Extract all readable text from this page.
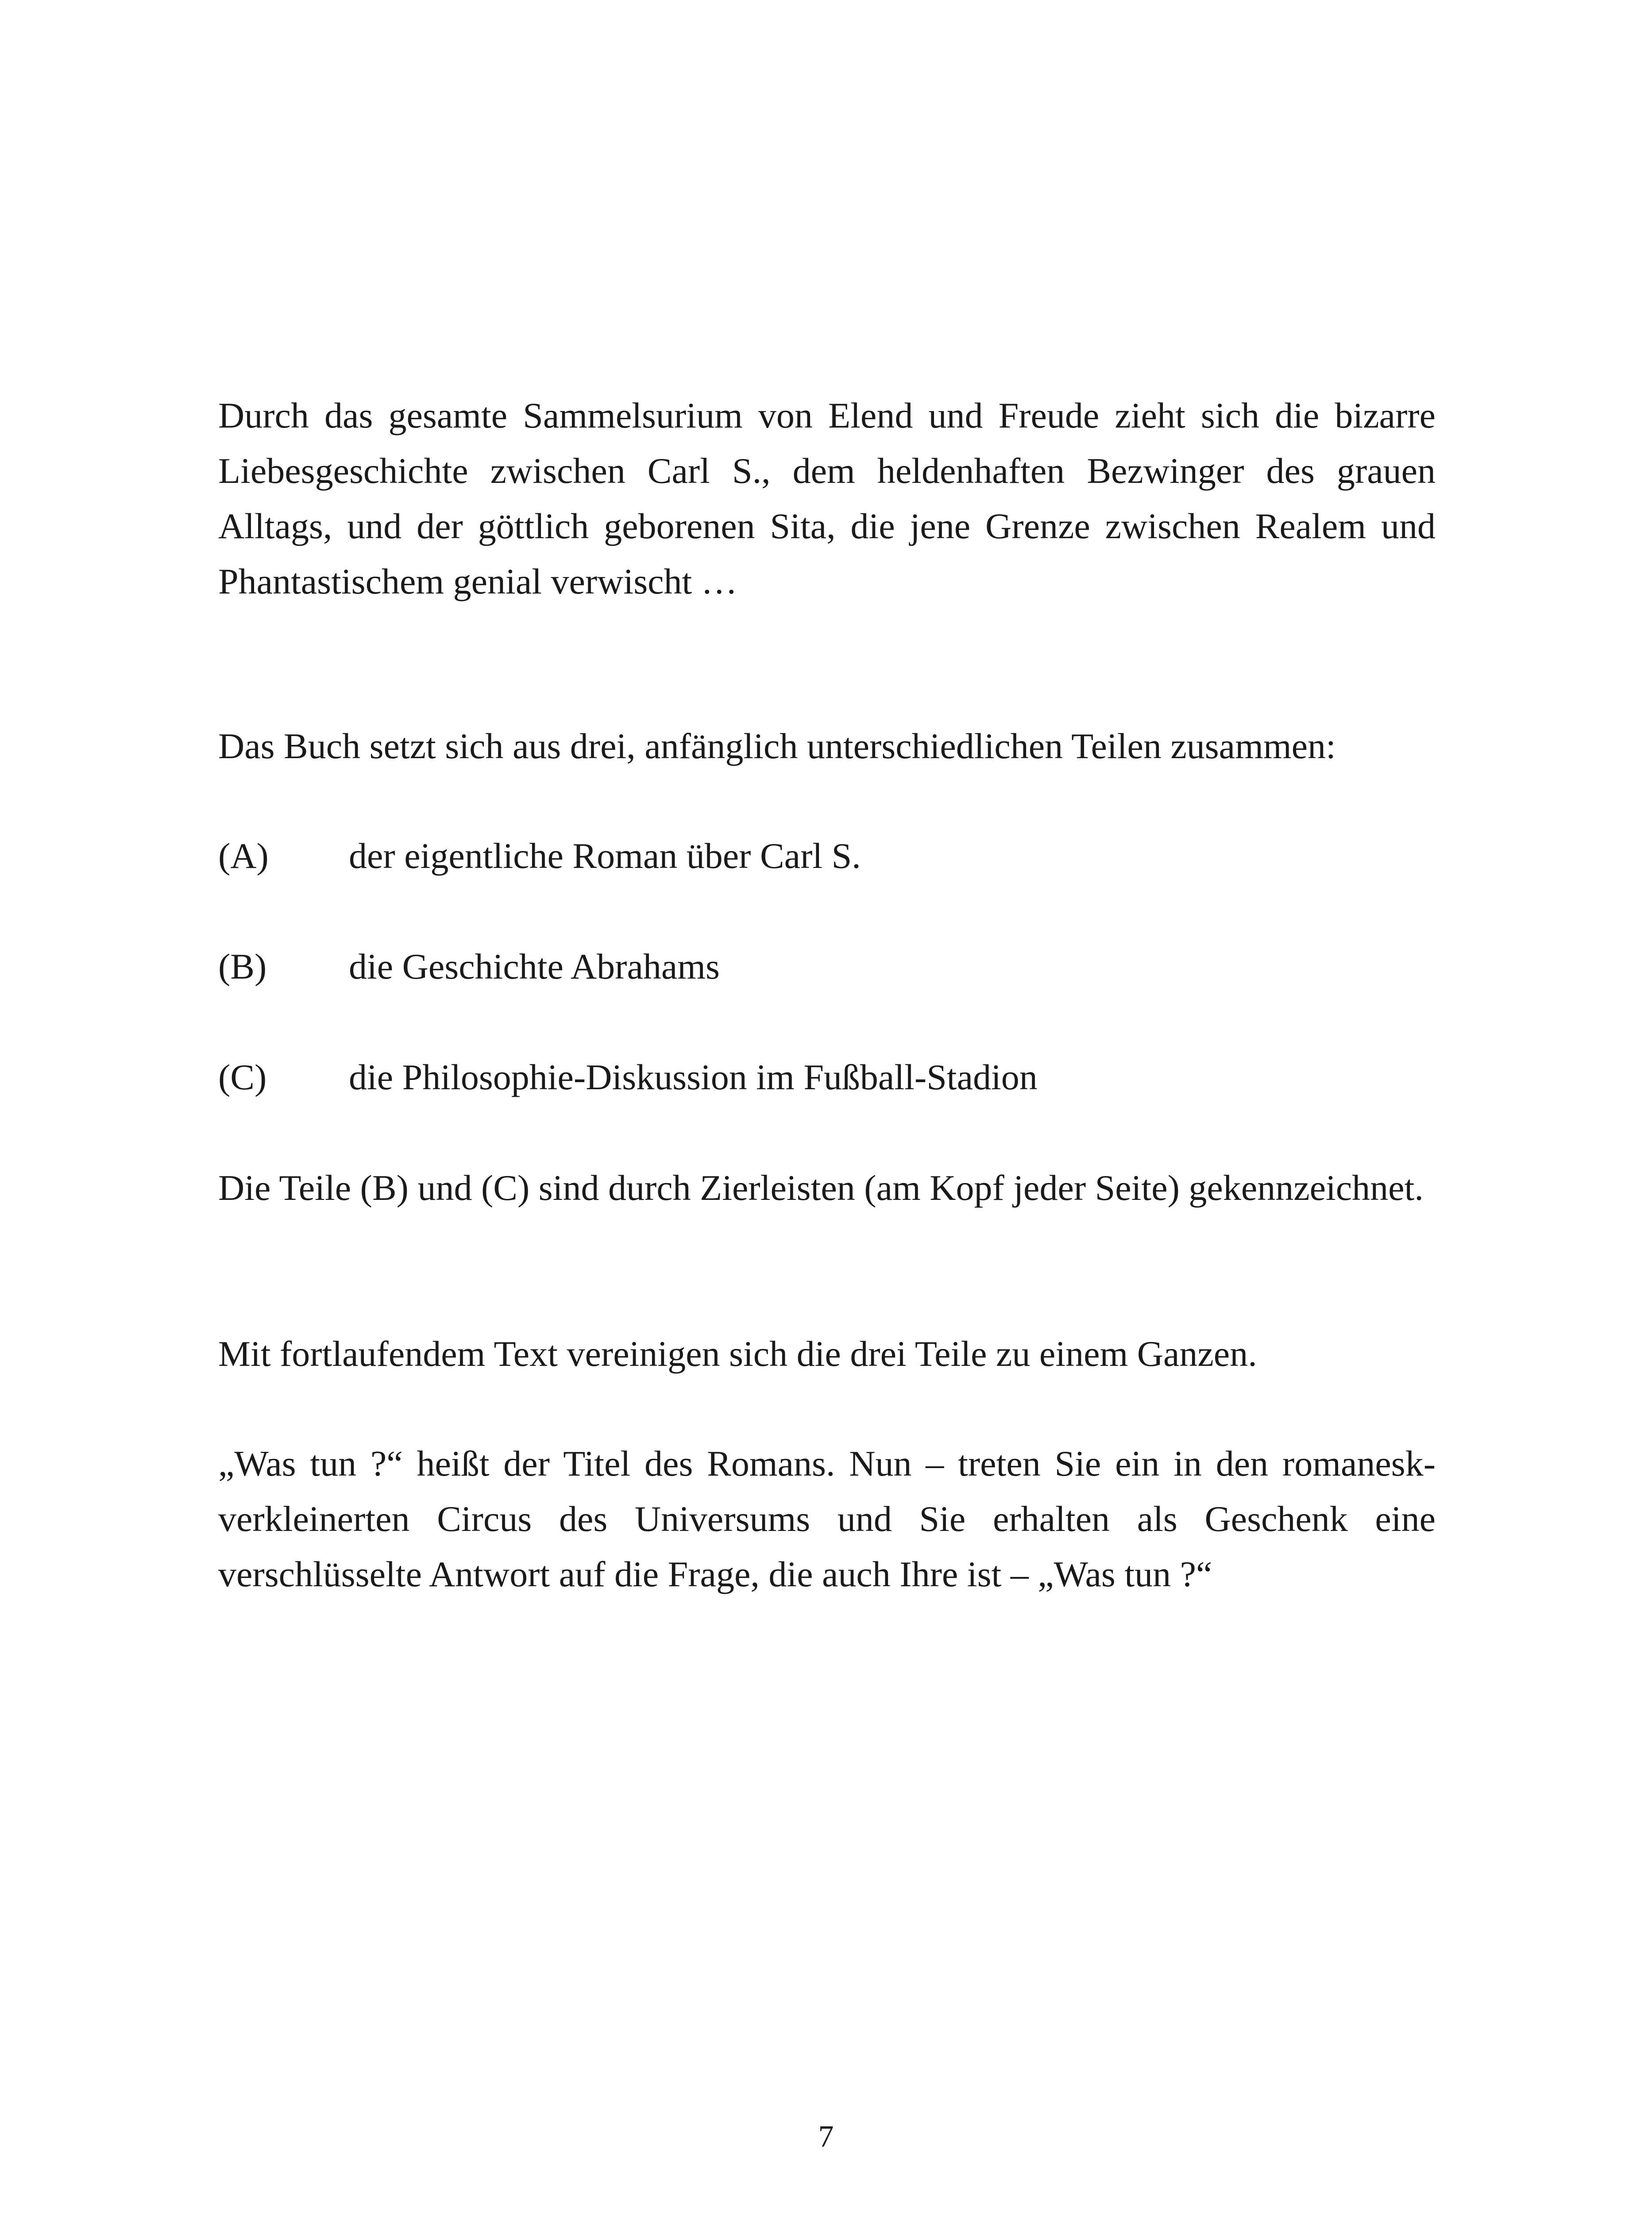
Durch das gesamte Sammelsurium von Elend und Freude zieht sich die bizarre Liebesgeschichte zwischen Carl S., dem heldenhaften Bezwinger des grauen Alltags, und der göttlich geborenen Sita, die jene Grenze zwischen Realem und Phantastischem genial verwischt …

Das Buch setzt sich aus drei, anfänglich unterschiedlichen Teilen zusammen:

(A) der eigentliche Roman über Carl S.
(B) die Geschichte Abrahams
(C) die Philosophie-Diskussion im Fußball-Stadion

Die Teile (B) und (C) sind durch Zierleisten (am Kopf jeder Seite) gekennzeichnet.

Mit fortlaufendem Text vereinigen sich die drei Teile zu einem Ganzen.

„Was tun ?“ heißt der Titel des Romans. Nun – treten Sie ein in den romanesk-verkleinerten Circus des Universums und Sie erhalten als Geschenk eine verschlüsselte Antwort auf die Frage, die auch Ihre ist – „Was tun ?“

7
